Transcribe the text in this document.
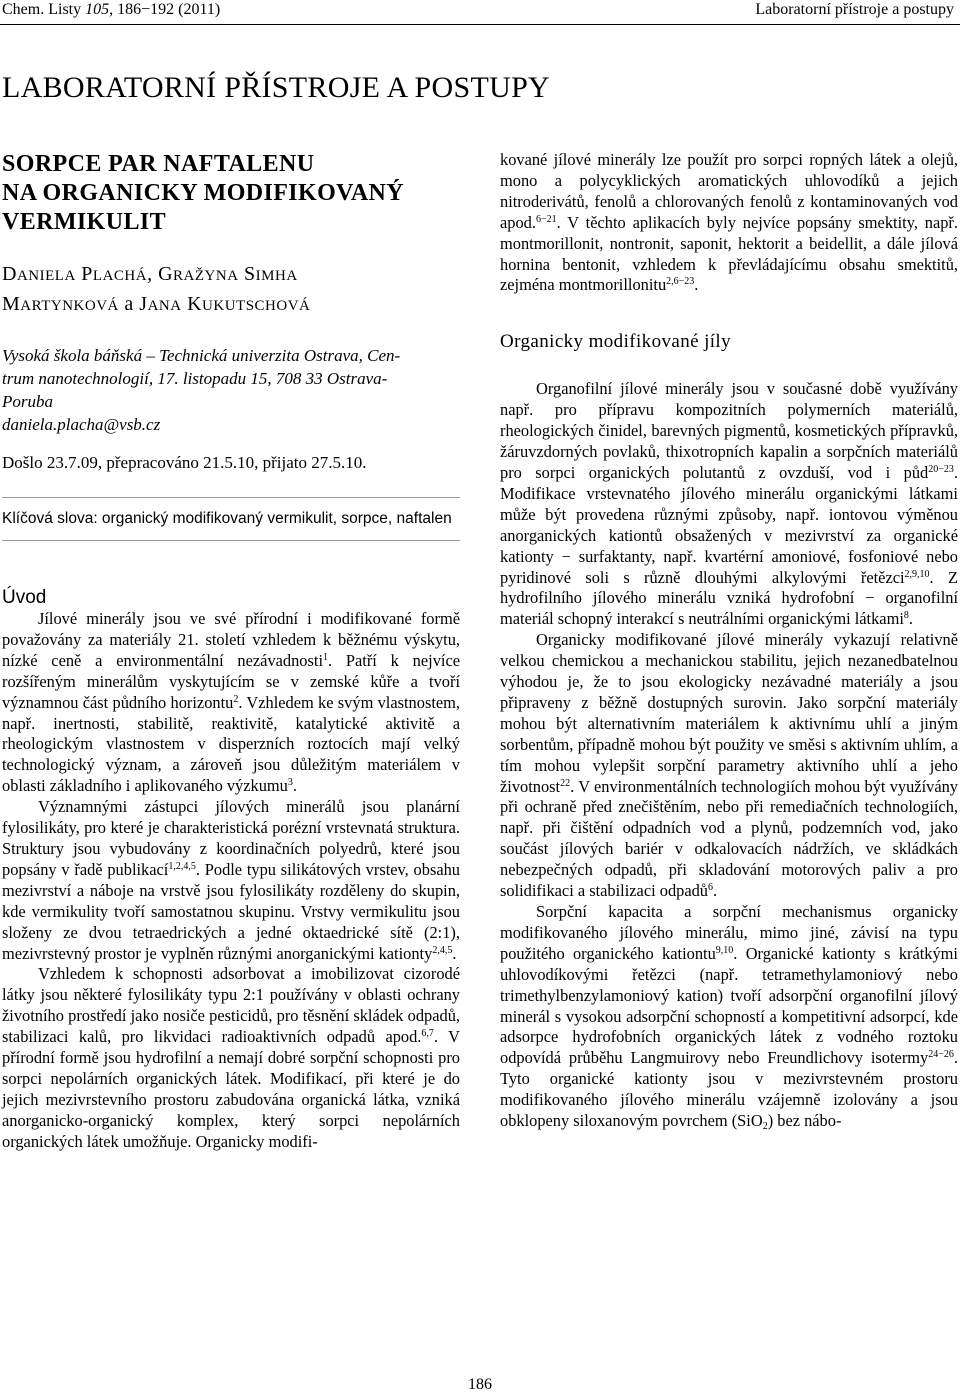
Chem. Listy 105, 186−192 (2011)	Laboratorní přístroje a postupy
LABORATORNÍ PŘÍSTROJE A POSTUPY
SORPCE PAR NAFTALENU
NA ORGANICKY MODIFIKOVANÝ
VERMIKULIT
DANIELA PLACHÁ, GRAŽYNA SIMHA
MARTYNKOVÁ a JANA KUKUTSCHOVÁ
Vysoká škola báňská – Technická univerzita Ostrava, Cen-
trum nanotechnologií, 17. listopadu 15, 708 33 Ostrava-
Poruba
daniela.placha@vsb.cz
Došlo 23.7.09, přepracováno 21.5.10, přijato 27.5.10.
Klíčová slova: organický modifikovaný vermikulit, sorpce, naftalen
Úvod

Jílové minerály jsou ve své přírodní i modifikované formě považovány za materiály 21. století vzhledem k běžnému výskytu, nízké ceně a environmentální nezávadnosti$^1$. Patří k nejvíce rozšířeným minerálům vyskytujícím se v zemské kůře a tvoří významnou část půdního horizontu$^2$. Vzhledem ke svým vlastnostem, např. inertnosti, stabilitě, reaktivitě, katalytické aktivitě a rheologickým vlastnostem v disperzních roztocích mají velký technologický význam, a zároveň jsou důležitým materiálem v oblasti základního i aplikovaného výzkumu$^3$.

Významnými zástupci jílových minerálů jsou planární fylosilikáty, pro které je charakteristická porézní vrstevnatá struktura. Struktury jsou vybudovány z koordinačních polyedrů, které jsou popsány v řadě publikací$^{1,2,4,5}$. Podle typu silikátových vrstev, obsahu mezivrství a náboje na vrstvě jsou fylosilikáty rozděleny do skupin, kde vermikulity tvoří samostatnou skupinu. Vrstvy vermikulitu jsou složeny ze dvou tetraedrických a jedné oktaedrické sítě (2:1), mezivrstevný prostor je vyplněn různými anorganickými kationty$^{2,4,5}$.

Vzhledem k schopnosti adsorbovat a imobilizovat cizorodé látky jsou některé fylosilikáty typu 2:1 používány v oblasti ochrany životního prostředí jako nosiče pesticidů, pro těsnění skládek odpadů, stabilizaci kalů, pro likvidaci radioaktivních odpadů apod.$^{6,7}$. V přírodní formě jsou hydrofilní a nemají dobré sorpční schopnosti pro sorpci nepolárních organických látek. Modifikací, při které je do jejich mezivrstevního prostoru zabudována organická látka, vzniká anorganicko-organický komplex, který sorpci nepolárních organických látek umožňuje. Organicky modifi-

kované jílové minerály lze použít pro sorpci ropných látek a olejů, mono a polycyklických aromatických uhlovodíků a jejich nitroderivátů, fenolů a chlorovaných fenolů z kontaminovaných vod apod.$^{6-21}$. V těchto aplikacích byly nejvíce popsány smektity, např. montmorillonit, nontronit, saponit, hektorit a beidellit, a dále jílová hornina bentonit, vzhledem k převládajícímu obsahu smektitů, zejména montmorillonitu$^{2,6-23}$.

Organicky modifikované jíly

Organofilní jílové minerály jsou v současné době využívány např. pro přípravu kompozitních polymerních materiálů, rheologických činidel, barevných pigmentů, kosmetických přípravků, žáruvzdorných povlaků, thixotropních kapalin a sorpčních materiálů pro sorpci organických polutantů z ovzduší, vod i půd$^{20-23}$. Modifikace vrstevnatého jílového minerálu organickými látkami může být provedena různými způsoby, např. iontovou výměnou anorganických kationtů obsažených v mezivrství za organické kationty − surfaktanty, např. kvartérní amoniové, fosfoniové nebo pyridinové soli s různě dlouhými alkylovými řetězci$^{2,9,10}$. Z hydrofilního jílového minerálu vzniká hydrofobní − organofilní materiál schopný interakcí s neutrálními organickými látkami$^8$.

Organicky modifikované jílové minerály vykazují relativně velkou chemickou a mechanickou stabilitu, jejich nezanedbatelnou výhodou je, že to jsou ekologicky nezávadné materiály a jsou připraveny z běžně dostupných surovin. Jako sorpční materiály mohou být alternativním materiálem k aktivnímu uhlí a jiným sorbentům, případně mohou být použity ve směsi s aktivním uhlím, a tím mohou vylepšit sorpční parametry aktivního uhlí a jeho životnost$^{22}$. V environmentálních technologiích mohou být využívány při ochraně před znečištěním, nebo při remediačních technologiích, např. při čištění odpadních vod a plynů, podzemních vod, jako součást jílových bariér v odkalovacích nádržích, ve skládkách nebezpečných odpadů, při skladování motorových paliv a pro solidifikaci a stabilizaci odpadů$^6$.

Sorpční kapacita a sorpční mechanismus organicky modifikovaného jílového minerálu, mimo jiné, závisí na typu použitého organického kationtu$^{9,10}$. Organické kationty s krátkými uhlovodíkovými řetězci (např. tetramethylamoniový nebo trimethylbenzylamoniový kation) tvoří adsorpční organofilní jílový minerál s vysokou adsorpční schopností a kompetitivní adsorpcí, kde adsorpce hydrofobních organických látek z vodného roztoku odpovídá průběhu Langmuirovy nebo Freundlichovy isotermy$^{24-26}$. Tyto organické kationty jsou v mezivrstevném prostoru modifikovaného jílového minerálu vzájemně izolovány a jsou obklopeny siloxanovým povrchem (SiO$_2$) bez nábo-

186
